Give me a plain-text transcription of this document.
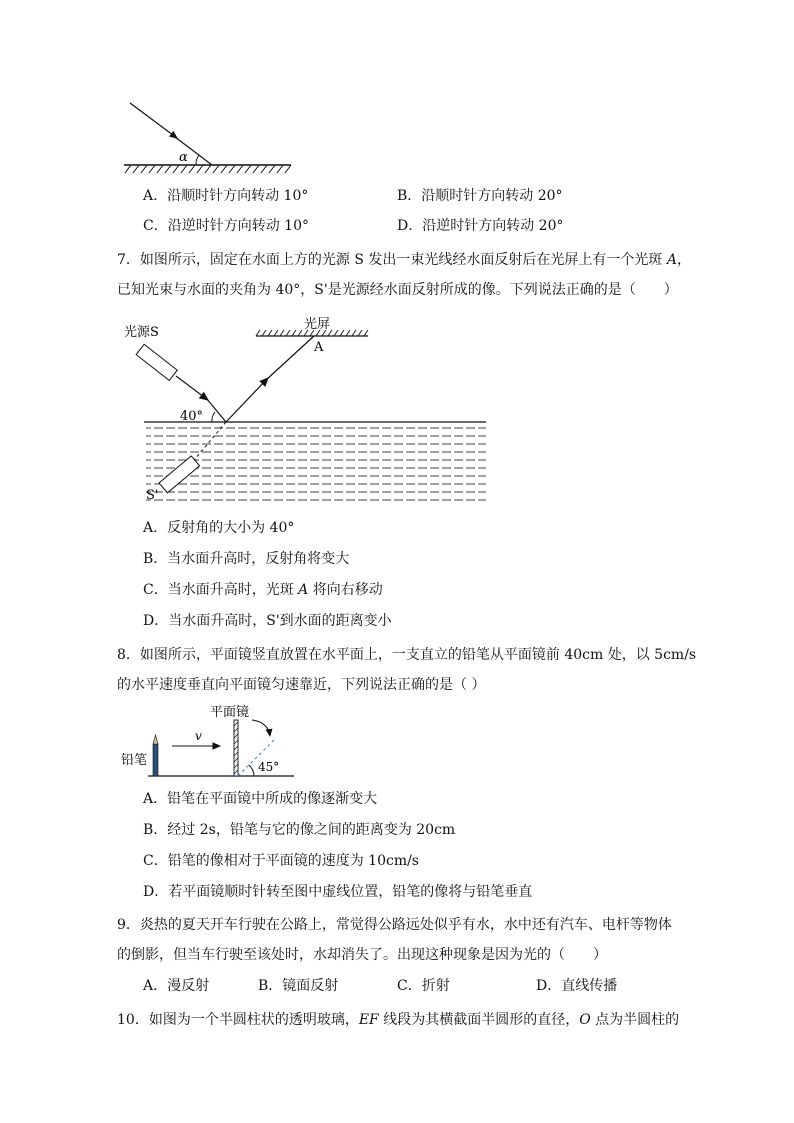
α
A．沿顺时针方向转动 10°	B．沿顺时针方向转动 20°
C．沿逆时针方向转动 10°	D．沿逆时针方向转动 20°
7．如图所示，固定在水面上方的光源 S 发出一束光线经水面反射后在光屏上有一个光斑 A，
已知光束与水面的夹角为 40°，S'是光源经水面反射所成的像。下列说法正确的是（　　）
光源S
光屏
A
40°
S'
A．反射角的大小为 40°
B．当水面升高时，反射角将变大
C．当水面升高时，光斑 A 将向右移动
D．当水面升高时，S'到水面的距离变小
8．如图所示，平面镜竖直放置在水平面上，一支直立的铅笔从平面镜前 40cm 处，以 5cm/s
的水平速度垂直向平面镜匀速靠近，下列说法正确的是（ ）
平面镜
铅笔
v
45°
A．铅笔在平面镜中所成的像逐渐变大
B．经过 2s，铅笔与它的像之间的距离变为 20cm
C．铅笔的像相对于平面镜的速度为 10cm/s
D．若平面镜顺时针转至图中虚线位置，铅笔的像将与铅笔垂直
9．炎热的夏天开车行驶在公路上，常觉得公路远处似乎有水，水中还有汽车、电杆等物体
的倒影，但当车行驶至该处时，水却消失了。出现这种现象是因为光的（　　）
A．漫反射	B．镜面反射	C．折射	D．直线传播
10．如图为一个半圆柱状的透明玻璃，EF 线段为其横截面半圆形的直径，O 点为半圆柱的
